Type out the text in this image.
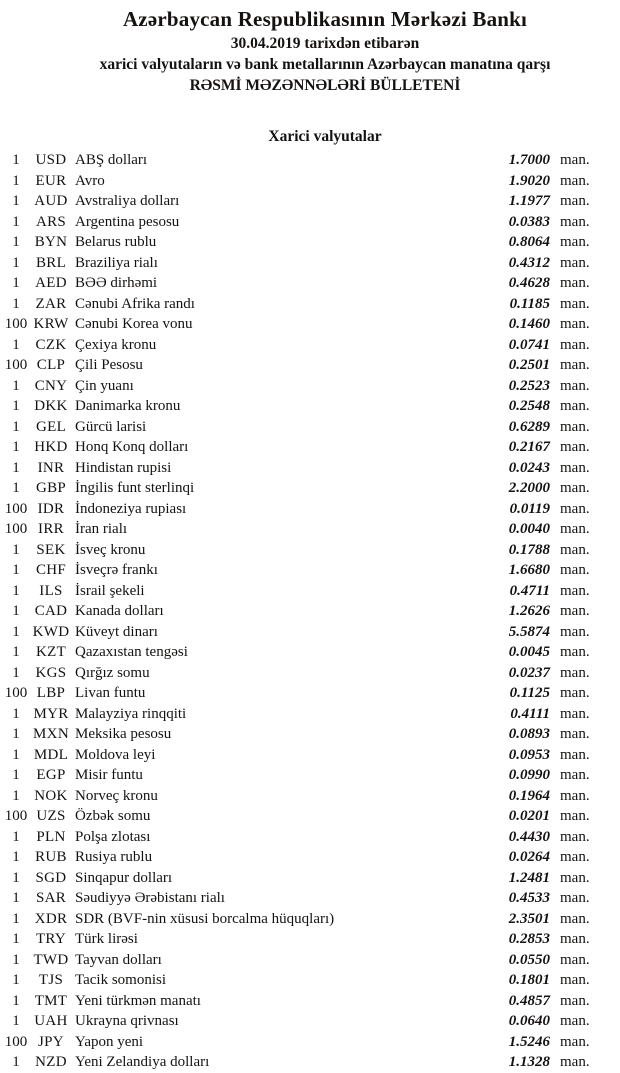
Azərbaycan Respublikasının Mərkəzi Bankı
30.04.2019 tarixdən etibarən
xarici valyutaların və bank metallarının Azərbaycan manatına qarşı
RƏSMİ MƏZƏNNƏLƏRİ BÜLLETENİ
Xarici valyutalar
1	USD ABŞ dolları	1.7000 man.
1	EUR Avro	1.9020 man.
1 AUD Avstraliya dolları	1.1977 man.
1	ARS Argentina pesosu	0.0383 man.
1 BYN Belarus rublu	0.8064 man.
1	BRL Braziliya rialı	0.4312 man.
1	AED BƏƏ dirhəmi	0.4628 man.
1	ZAR Cənubi Afrika randı	0.1185 man.
100 KRW Cənubi Korea vonu	0.1460 man.
1	CZK Çexiya kronu	0.0741 man.
100 CLP Çili Pesosu	0.2501 man.
1 CNY Çin yuanı	0.2523 man.
1 DKK Danimarka kronu	0.2548 man.
1	GEL Gürcü larisi	0.6289 man.
1 HKD Honq Konq dolları	0.2167 man.
1	INR Hindistan rupisi	0.0243 man.
1	GBP İngilis funt sterlinqi	2.2000 man.
100 IDR İndoneziya rupiası	0.0119 man.
100 IRR İran rialı	0.0040 man.
1	SEK İsveç kronu	0.1788 man.
1	CHF İsveçrə frankı	1.6680 man.
1	ILS İsrail şekeli	0.4711 man.
1 CAD Kanada dolları	1.2626 man.
1 KWD Küveyt dinarı	5.5874 man.
1	KZT Qazaxıstan tengəsi	0.0045 man.
1	KGS Qırğız somu	0.0237 man.
100 LBP Livan funtu	0.1125 man.
1 MYR Malayziya rinqqiti	0.4111 man.
1 MXN Meksika pesosu	0.0893 man.
1 MDL Moldova leyi	0.0953 man.
1	EGP Misir funtu	0.0990 man.
1 NOK Norveç kronu	0.1964 man.
100 UZS Özbək somu	0.0201 man.
1	PLN Polşa zlotası	0.4430 man.
1	RUB Rusiya rublu	0.0264 man.
1	SGD Sinqapur dolları	1.2481 man.
1	SAR Səudiyyə Ərəbistanı rialı	0.4533 man.
1 XDR SDR (BVF-nin xüsusi borcalma hüquqları)	2.3501 man.
1	TRY Türk lirəsi	0.2853 man.
1 TWD Tayvan dolları	0.0550 man.
1	TJS Tacik somonisi	0.1801 man.
1 TMT Yeni türkmən manatı	0.4857 man.
1 UAH Ukrayna qrivnası	0.0640 man.
100 JPY Yapon yeni	1.5246 man.
1	NZD Yeni Zelandiya dolları	1.1328 man.
